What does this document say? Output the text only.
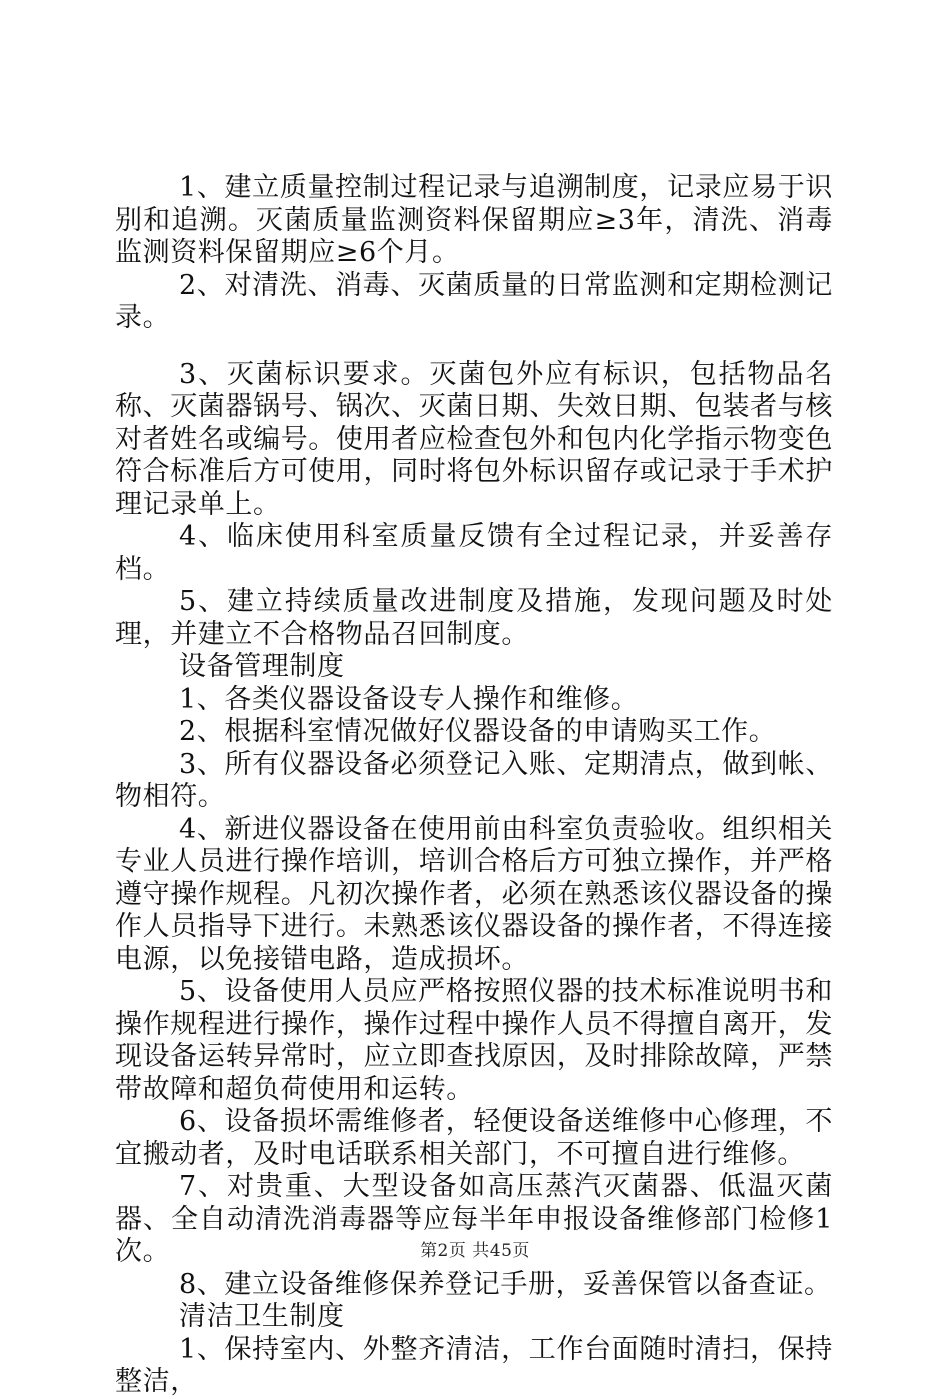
1、建立质量控制过程记录与追溯制度，记录应易于识别和追溯。灭菌质量监测资料保留期应≥3年，清洗、消毒监测资料保留期应≥6个月。

2、对清洗、消毒、灭菌质量的日常监测和定期检测记录。

3、灭菌标识要求。灭菌包外应有标识，包括物品名称、灭菌器锅号、锅次、灭菌日期、失效日期、包装者与核对者姓名或编号。使用者应检查包外和包内化学指示物变色符合标准后方可使用，同时将包外标识留存或记录于手术护理记录单上。

4、临床使用科室质量反馈有全过程记录，并妥善存档。

5、建立持续质量改进制度及措施，发现问题及时处理，并建立不合格物品召回制度。

设备管理制度

1、各类仪器设备设专人操作和维修。

2、根据科室情况做好仪器设备的申请购买工作。

3、所有仪器设备必须登记入账、定期清点，做到帐、物相符。

4、新进仪器设备在使用前由科室负责验收。组织相关专业人员进行操作培训，培训合格后方可独立操作，并严格遵守操作规程。凡初次操作者，必须在熟悉该仪器设备的操作人员指导下进行。未熟悉该仪器设备的操作者，不得连接电源，以免接错电路，造成损坏。

5、设备使用人员应严格按照仪器的技术标准说明书和操作规程进行操作，操作过程中操作人员不得擅自离开，发现设备运转异常时，应立即查找原因，及时排除故障，严禁带故障和超负荷使用和运转。

6、设备损坏需维修者，轻便设备送维修中心修理，不宜搬动者，及时电话联系相关部门，不可擅自进行维修。

7、对贵重、大型设备如高压蒸汽灭菌器、低温灭菌器、全自动清洗消毒器等应每半年申报设备维修部门检修1次。

8、建立设备维修保养登记手册，妥善保管以备查证。

清洁卫生制度

1、保持室内、外整齐清洁，工作台面随时清扫，保持整洁，

第2页 共45页
